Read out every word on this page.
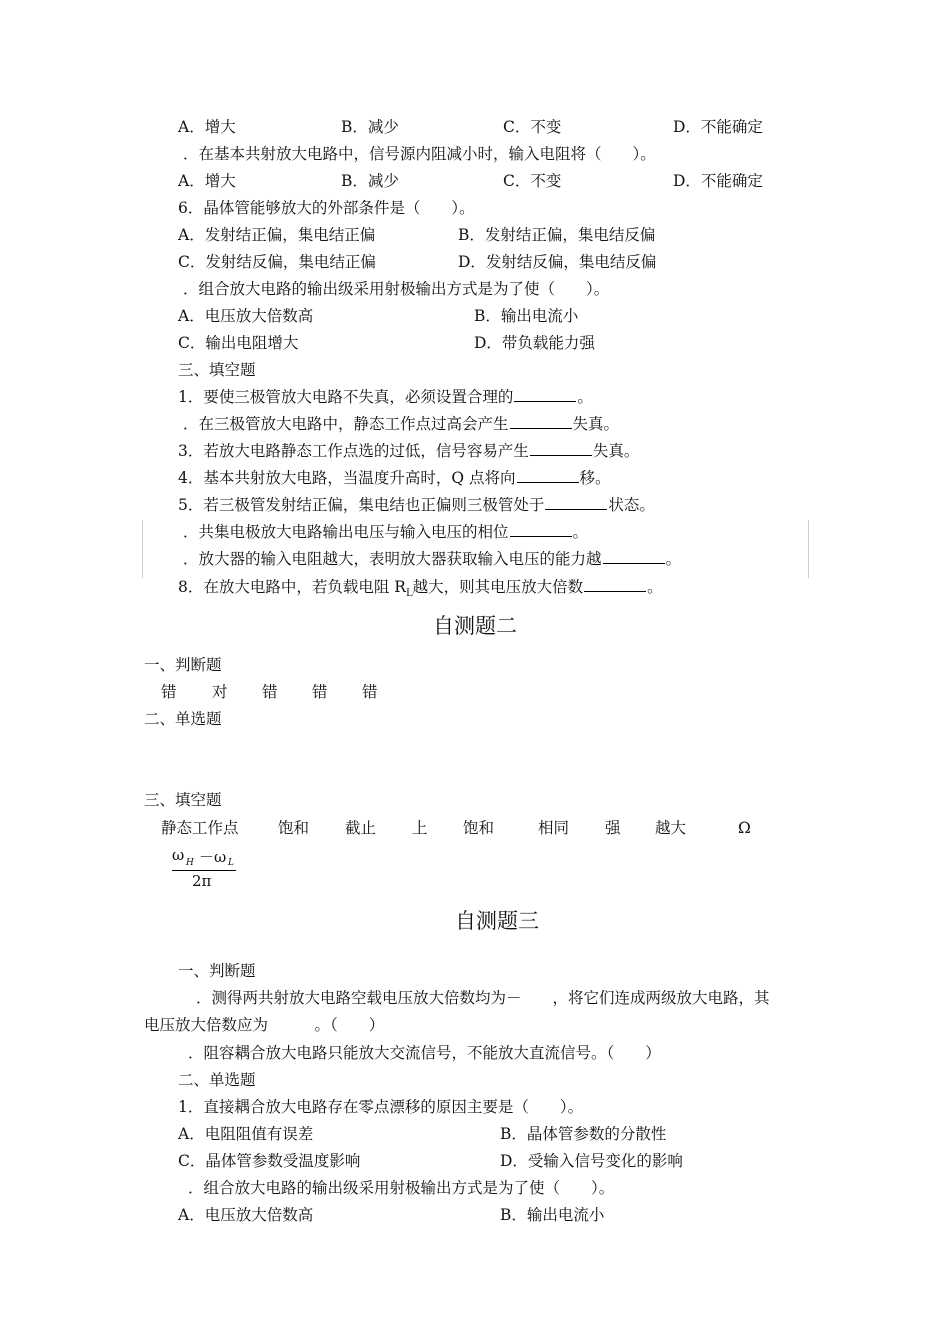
A．增大	B．减少	C．不变	D．不能确定
．在基本共射放大电路中，信号源内阻减小时，输入电阻将（　　）。
A．增大	B．减少	C．不变	D．不能确定
6．晶体管能够放大的外部条件是（　　）。
A．发射结正偏，集电结正偏	B．发射结正偏，集电结反偏
C．发射结反偏，集电结正偏	D．发射结反偏，集电结反偏
．组合放大电路的输出级采用射极输出方式是为了使（　　）。
A．电压放大倍数高	B．输出电流小
C．输出电阻增大	D．带负载能力强
三、填空题
1．要使三极管放大电路不失真，必须设置合理的	。
．在三极管放大电路中，静态工作点过高会产生	失真。
3．若放大电路静态工作点选的过低，信号容易产生	失真。
4．基本共射放大电路，当温度升高时，Q 点将向	移。
5．若三极管发射结正偏，集电结也正偏则三极管处于	状态。
．共集电极放大电路输出电压与输入电压的相位	。
．放大器的输入电阻越大，表明放大器获取输入电压的能力越	。
8．在放大电路中，若负载电阻 $R_L$越大，则其电压放大倍数	。
自测题二
一、判断题
错 对 错 错 错
二、单选题
三、填空题
静态工作点	饱和 截止 上 饱和	相同 强 越大	Ω
ω H －ω L
2π
自测题三
一、判断题
．测得两共射放大电路空载电压放大倍数均为－　　，将它们连成两级放大电路，其
电压放大倍数应为　　　。（　　）
．阻容耦合放大电路只能放大交流信号，不能放大直流信号。（　　）
二、单选题
1．直接耦合放大电路存在零点漂移的原因主要是（　　）。
A．电阻阻值有误差	B．晶体管参数的分散性
C．晶体管参数受温度影响	D．受输入信号变化的影响
．组合放大电路的输出级采用射极输出方式是为了使（　　）。
A．电压放大倍数高	B．输出电流小
